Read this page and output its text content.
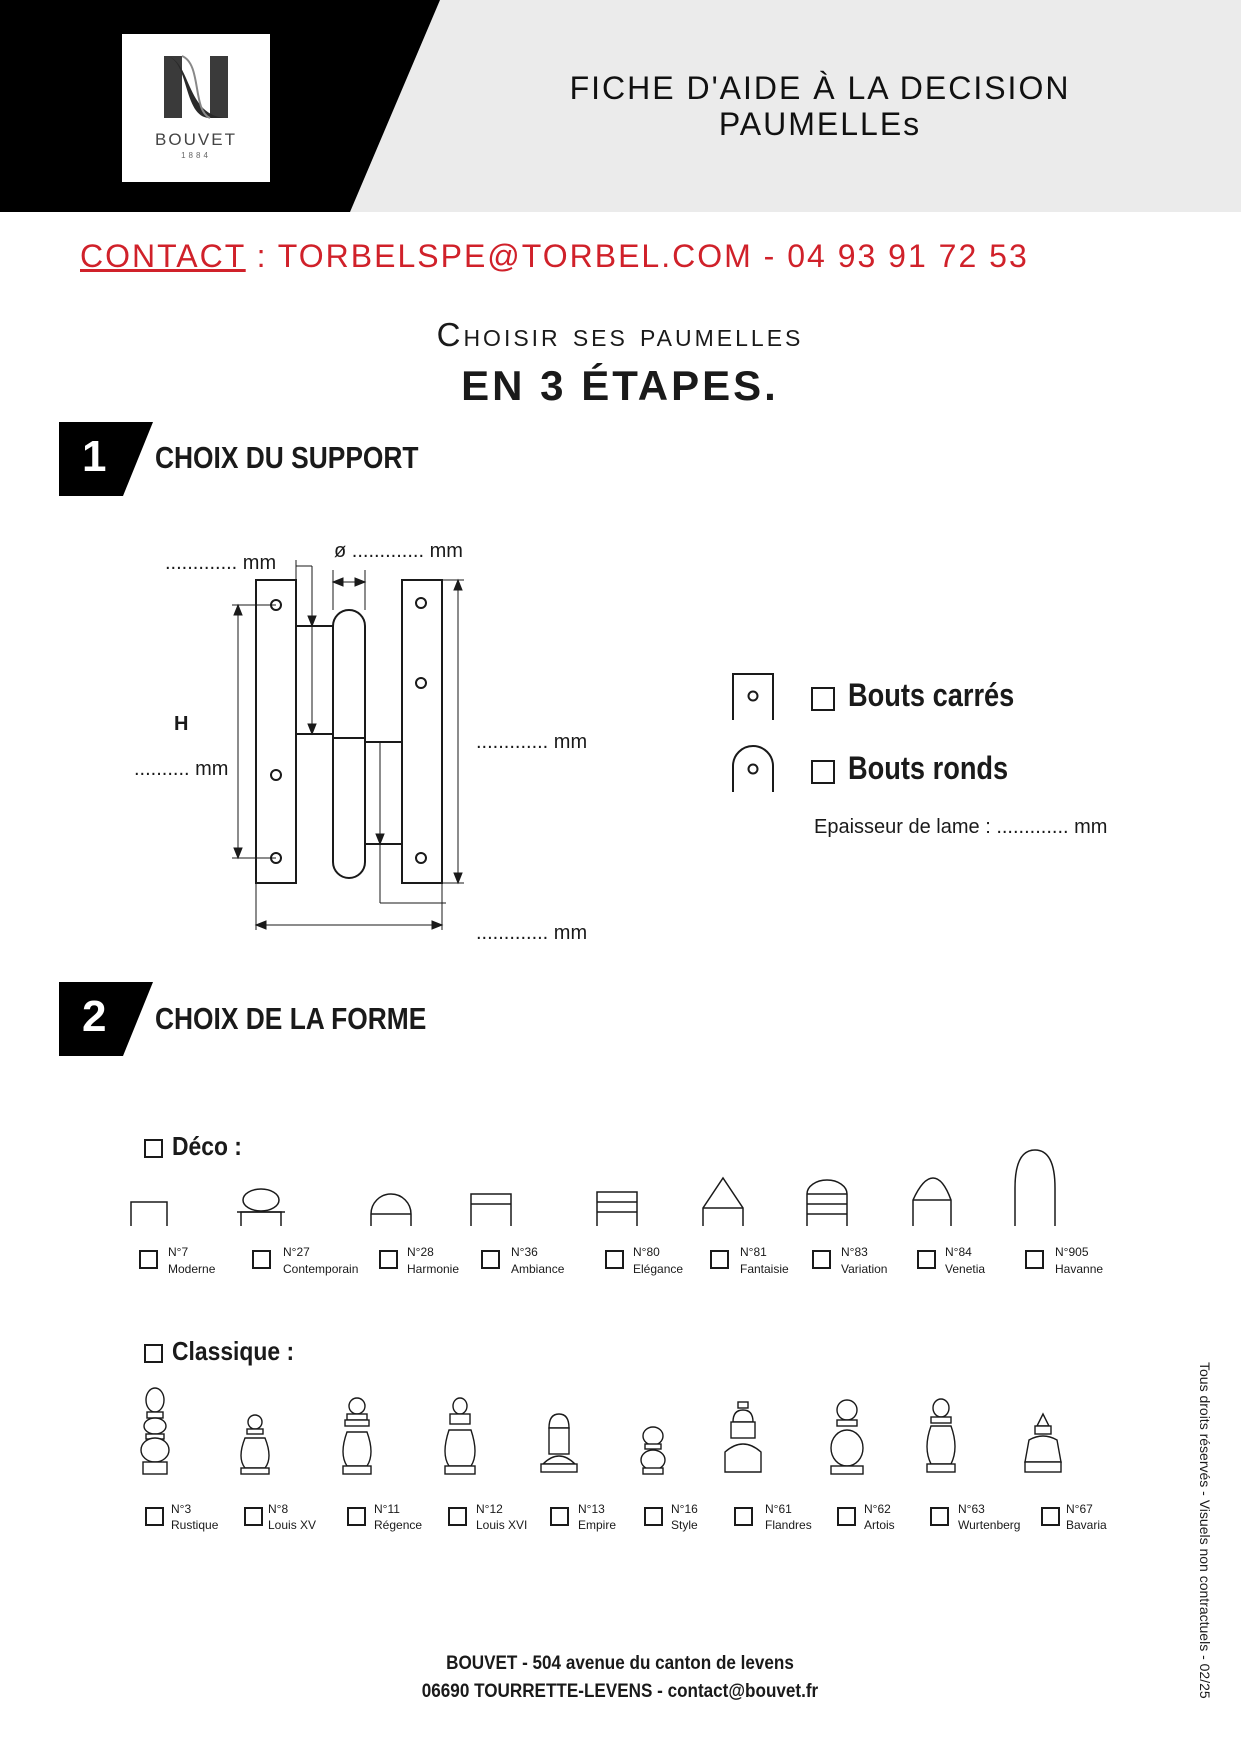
BOUVET
1884
FICHE D'AIDE À LA DECISION
PAUMELLEs
CONTACT : TORBELSPE@TORBEL.COM - 04 93 91 72 53
Choisir ses paumelles
EN 3 ÉTAPES.
1 CHOIX DU SUPPORT
............. mm
ø ............. mm
H
.......... mm
............. mm
............. mm
Bouts carrés
Bouts ronds
Epaisseur de lame : ............. mm
2 CHOIX DE LA FORME
Déco :
N°7
Moderne
N°27
Contemporain
N°28
Harmonie
N°36
Ambiance
N°80
Elégance
N°81
Fantaisie
N°83
Variation
N°84
Venetia
N°905
Havanne
Classique :
N°3
Rustique
N°8
Louis XV
N°11
Régence
N°12
Louis XVI
N°13
Empire
N°16
Style
N°61
Flandres
N°62
Artois
N°63
Wurtenberg
N°67
Bavaria	Tous droits réservés - Visuels non contractuels - 02/25
BOUVET - 504 avenue du canton de levens
06690 TOURRETTE-LEVENS - contact@bouvet.fr
